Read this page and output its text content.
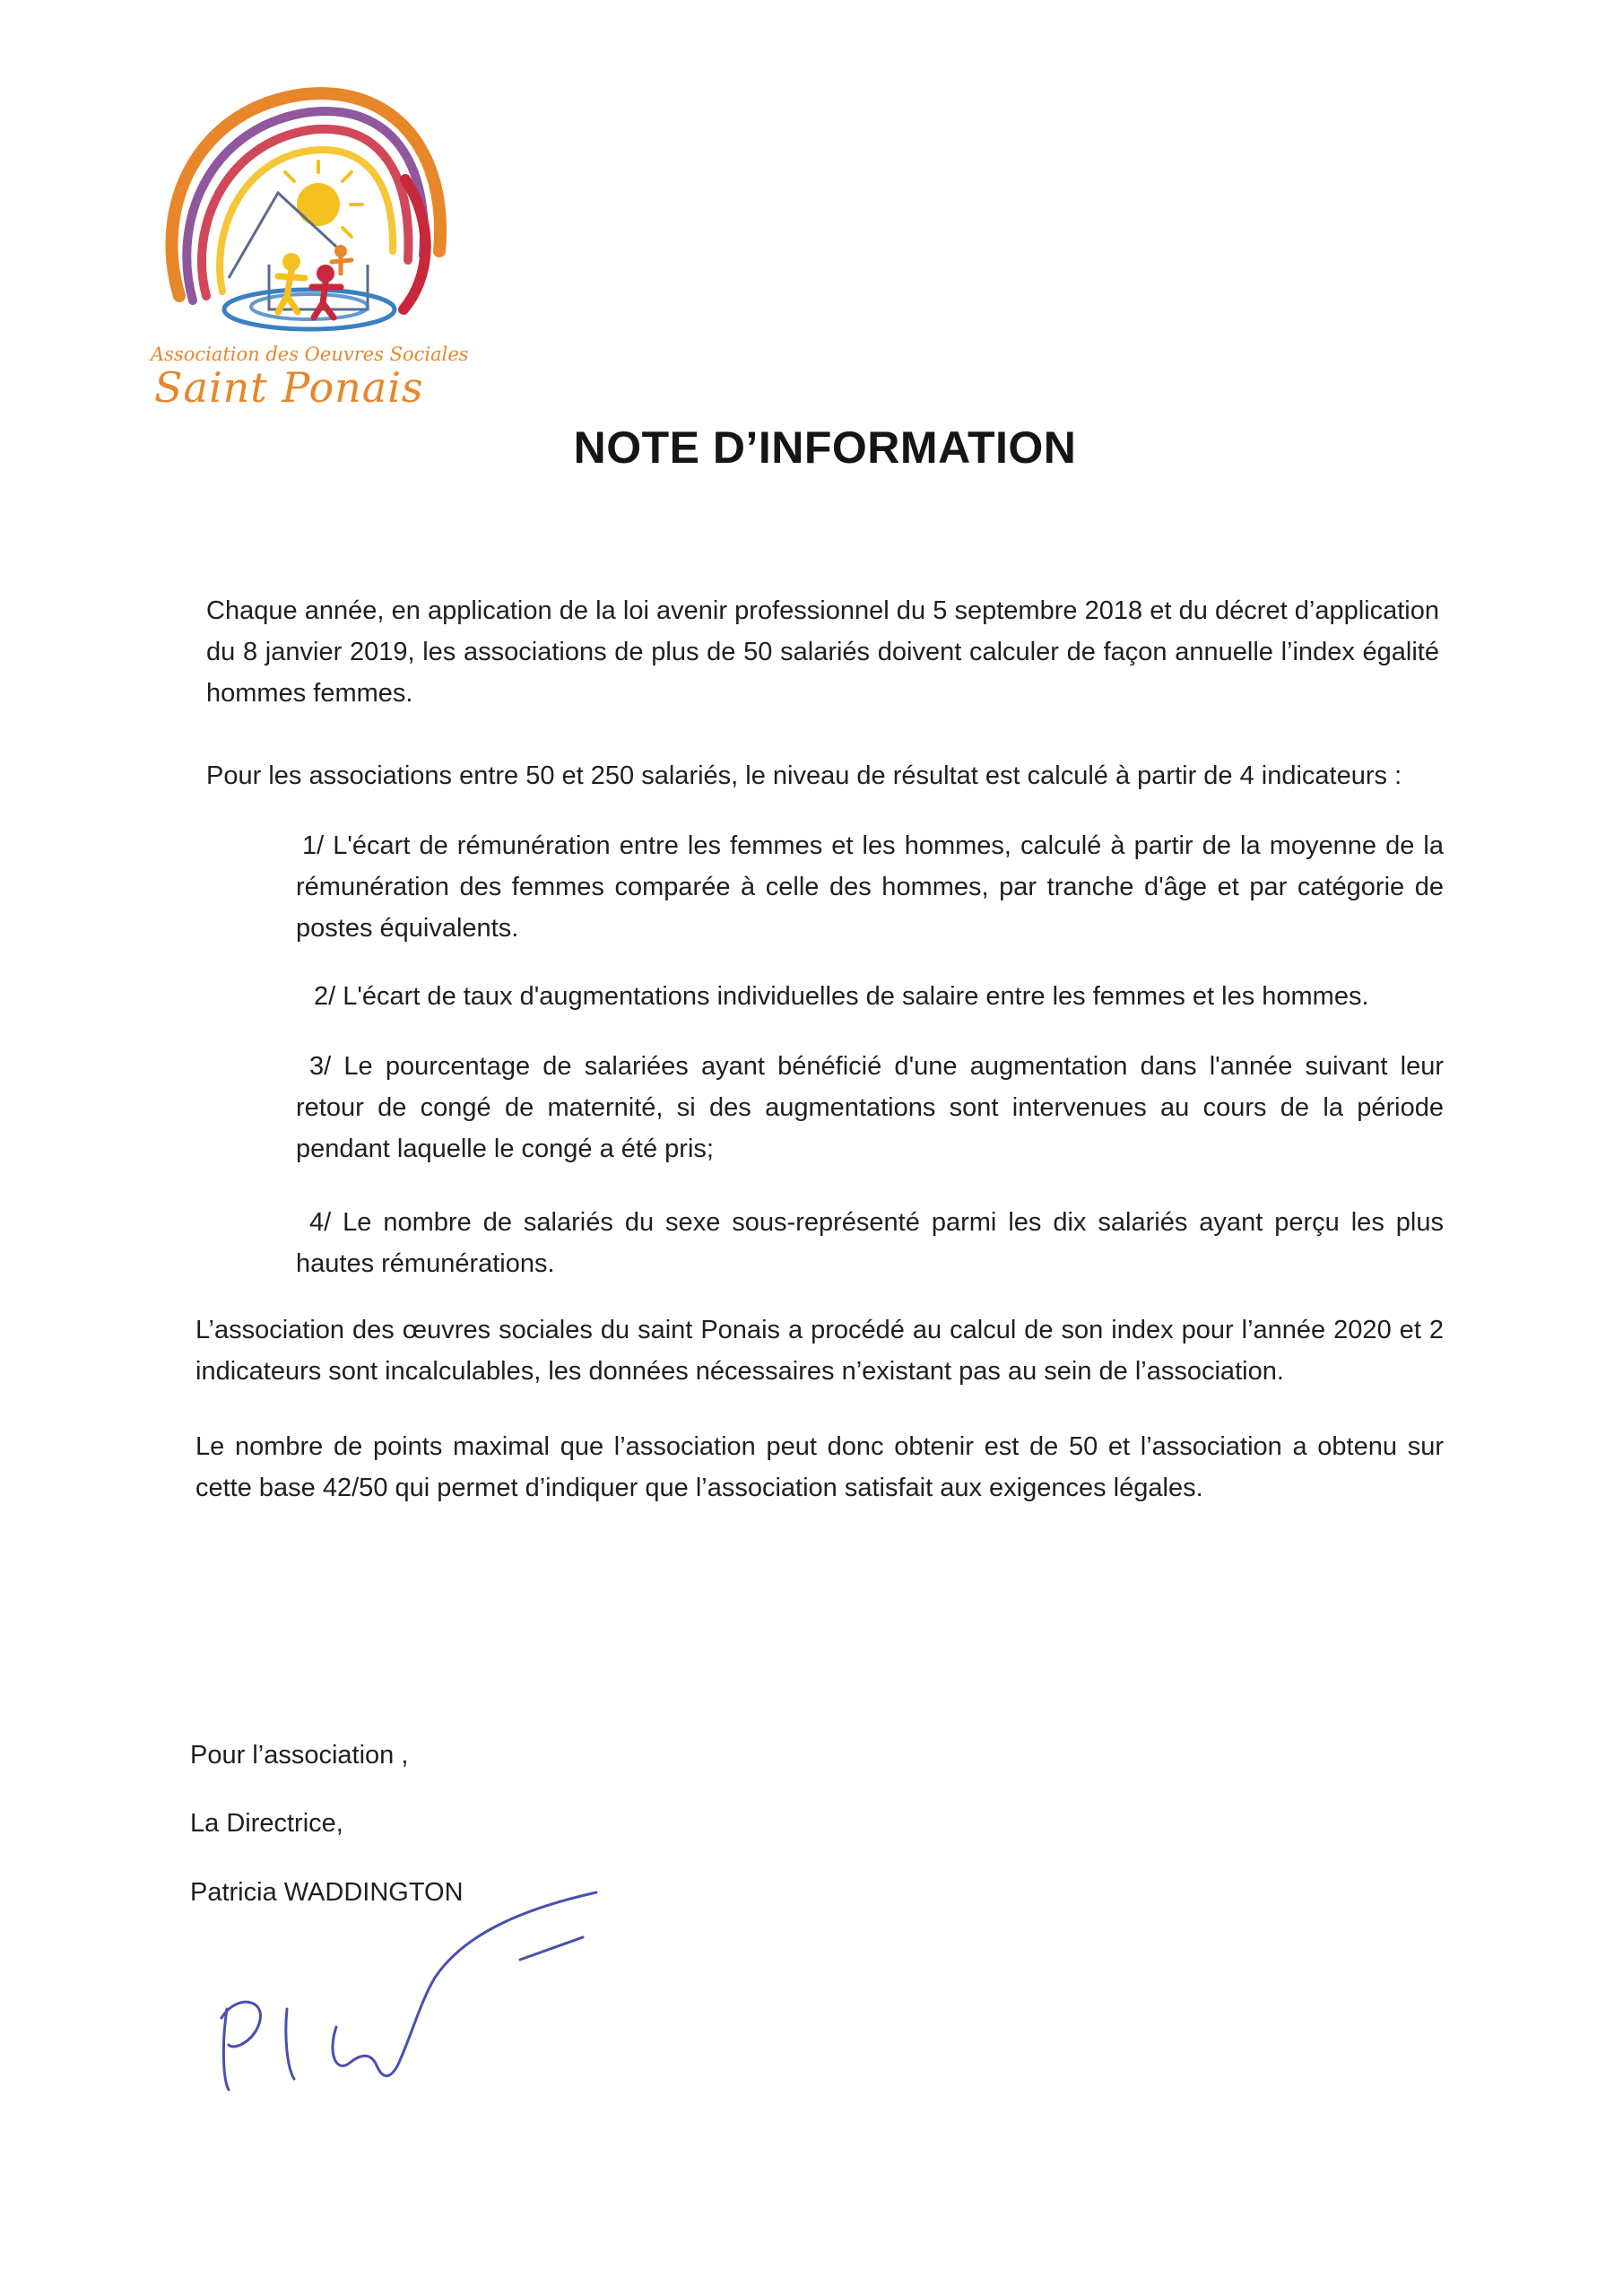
Association des Oeuvres Sociales
Saint Ponais
NOTE D’INFORMATION

Chaque année, en application de la loi avenir professionnel du 5 septembre 2018 et du décret d’application du 8 janvier 2019, les associations de plus de 50 salariés doivent calculer de façon annuelle l’index égalité hommes femmes.

Pour les associations entre 50 et 250 salariés, le niveau de résultat est calculé à partir de 4 indicateurs :

1/ L'écart de rémunération entre les femmes et les hommes, calculé à partir de la moyenne de la rémunération des femmes comparée à celle des hommes, par tranche d'âge et par catégorie de postes équivalents.

2/ L'écart de taux d'augmentations individuelles de salaire entre les femmes et les hommes.

3/ Le pourcentage de salariées ayant bénéficié d'une augmentation dans l'année suivant leur retour de congé de maternité, si des augmentations sont intervenues au cours de la période pendant laquelle le congé a été pris;

4/ Le nombre de salariés du sexe sous-représenté parmi les dix salariés ayant perçu les plus hautes rémunérations.

L’association des œuvres sociales du saint Ponais a procédé au calcul de son index pour l’année 2020 et 2 indicateurs sont incalculables, les données nécessaires n’existant pas au sein de l’association.

Le nombre de points maximal que l’association peut donc obtenir est de 50 et l’association a obtenu sur cette base 42/50 qui permet d’indiquer que l’association satisfait aux exigences légales.

Pour l’association ,

La Directrice,

Patricia WADDINGTON
